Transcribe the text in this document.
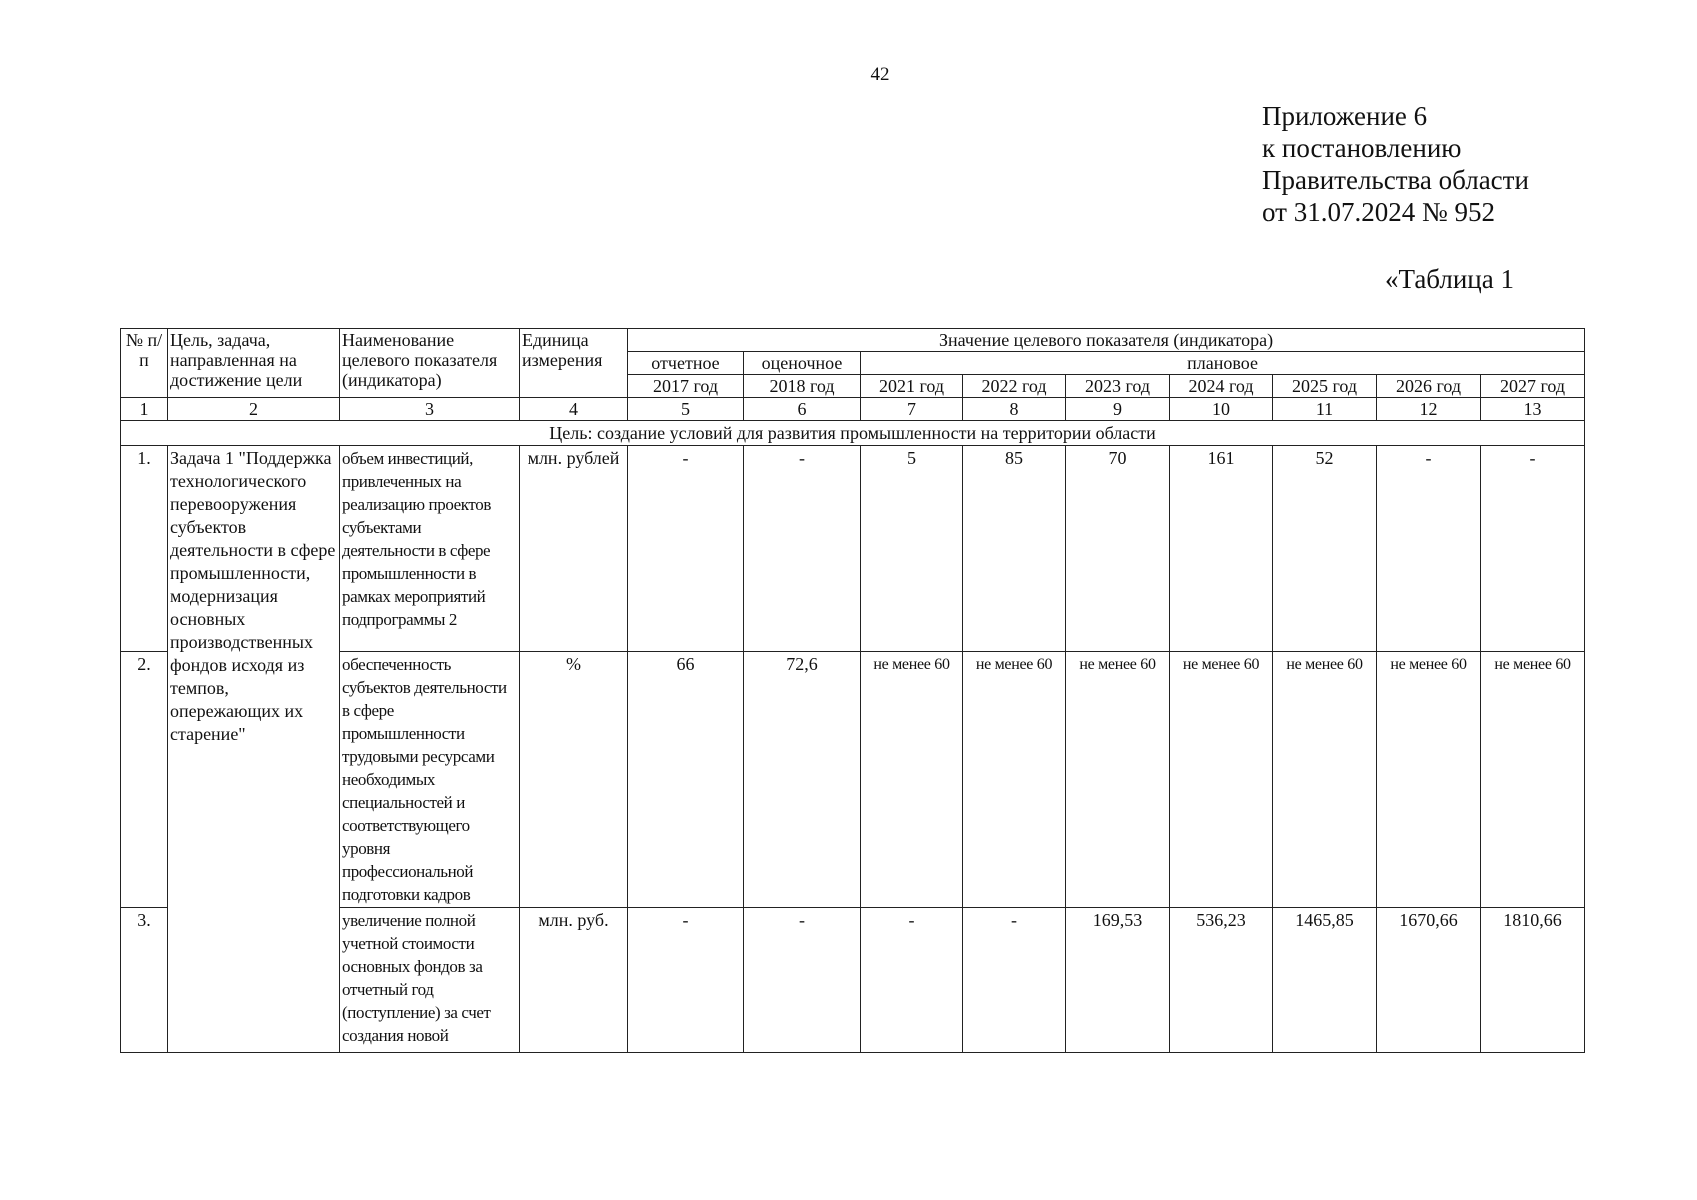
42
Приложение 6
к постановлению
Правительства области
от 31.07.2024 № 952
«Таблица 1
№ п/п	Цель, задача, направленная на достижение цели	Наименование целевого показателя (индикатора)	Единица измерения	Значение целевого показателя (индикатора)								
				отчетное	оценочное	плановое						
				2017 год	2018 год	2021 год	2022 год	2023 год	2024 год	2025 год	2026 год	2027 год
1	2	3	4	5	6	7	8	9	10	11	12	13
Цель: создание условий для развития промышленности на территории области												
1.	Задача 1 "Поддержка технологического перевооружения субъектов деятельности в сфере промышленности, модернизация основных производственных фондов исходя из темпов, опережающих их старение"	объем инвестиций, привлеченных на реализацию проектов субъектами деятельности в сфере промышленности в рамках мероприятий подпрограммы 2	млн. рублей	-	-	5	85	70	161	52	-	-
2.		обеспеченность субъектов деятельности в сфере промышленности трудовыми ресурсами необходимых специальностей и соответствующего уровня профессиональной подготовки кадров	%	66	72,6	не менее 60	не менее 60	не менее 60	не менее 60	не менее 60	не менее 60	не менее 60
3.		увеличение полной учетной стоимости основных фондов за отчетный год (поступление) за счет создания новой	млн. руб.	-	-	-	-	169,53	536,23	1465,85	1670,66	1810,66
